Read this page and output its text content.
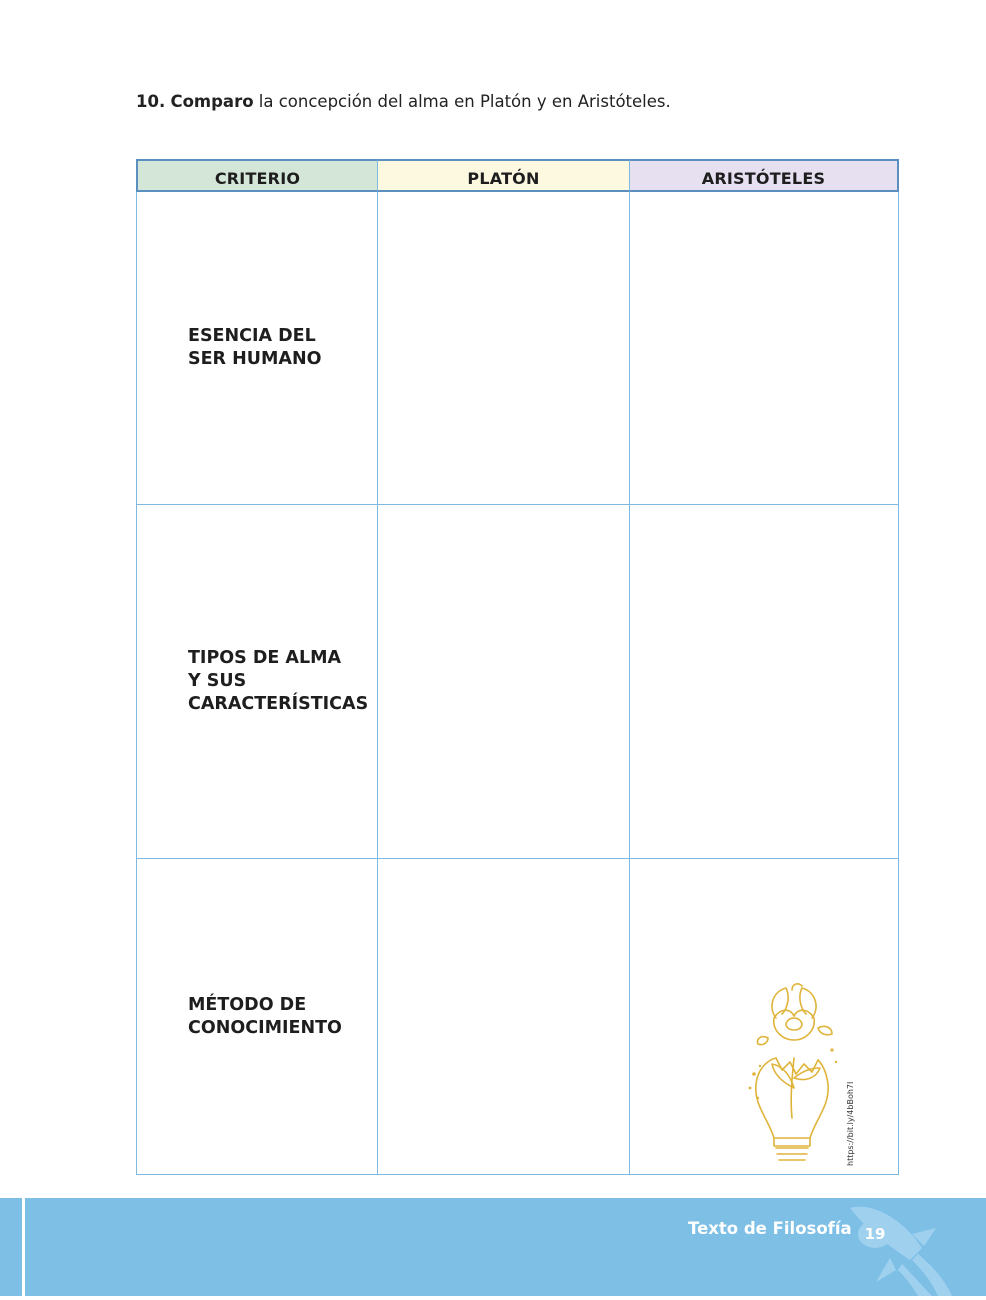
10. Comparo la concepción del alma en Platón y en Aristóteles.
CRITERIO	PLATÓN	ARISTÓTELES
ESENCIA DEL
SER HUMANO
TIPOS DE ALMA
Y SUS
CARACTERÍSTICAS
MÉTODO DE
CONOCIMIENTO
https://bit.ly/4bBoh7I
Texto de Filosofía 19
